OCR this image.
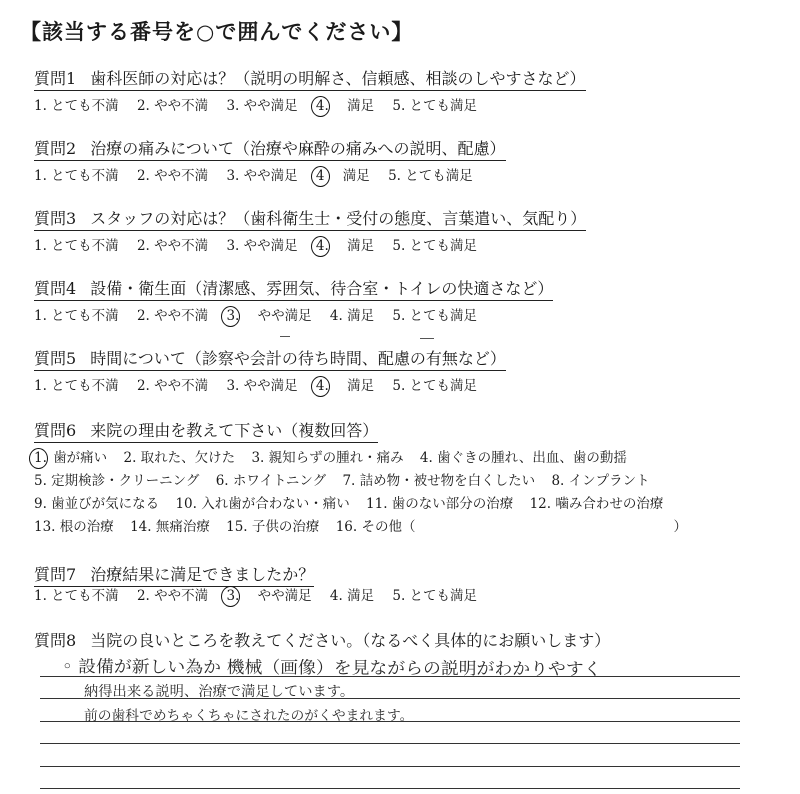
【該当する番号を○で囲んでください】
質問1 歯科医師の対応は？（説明の明解さ、信頼感、相談のしやすさなど）
1. とても不満 2. やや不満 3. やや満足 4. 満足 5. とても満足
質問2 治療の痛みについて（治療や麻酔の痛みへの説明、配慮）
1. とても不満 2. やや不満 3. やや満足 4 満足 5. とても満足
質問3 スタッフの対応は？（歯科衛生士・受付の態度、言葉遣い、気配り）
1. とても不満 2. やや不満 3. やや満足 4. 満足 5. とても満足
質問4 設備・衛生面（清潔感、雰囲気、待合室・トイレの快適さなど）
1. とても不満 2. やや不満 3. やや満足 4. 満足 5. とても満足
質問5 時間について（診察や会計の待ち時間、配慮の有無など）
1. とても不満 2. やや不満 3. やや満足 4. 満足 5. とても満足
質問6 来院の理由を教えて下さい（複数回答）
1. 歯が痛い 2. 取れた、欠けた 3. 親知らずの腫れ・痛み 4. 歯ぐきの腫れ、出血、歯の動揺
5. 定期検診・クリーニング 6. ホワイトニング 7. 詰め物・被せ物を白くしたい 8. インプラント
9. 歯並びが気になる 10. 入れ歯が合わない・痛い 11. 歯のない部分の治療 12. 噛み合わせの治療
13. 根の治療 14. 無痛治療 15. 子供の治療 16. その他（	）
質問7 治療結果に満足できましたか？
1. とても不満 2. やや不満 3. やや満足 4. 満足 5. とても満足
質問8 当院の良いところを教えてください。（なるべく具体的にお願いします）
◦ 設備が新しい為か 機械（画像）を見ながらの説明がわかりやすく
納得出来る説明、治療で満足しています。
前の歯科でめちゃくちゃにされたのがくやまれます。
